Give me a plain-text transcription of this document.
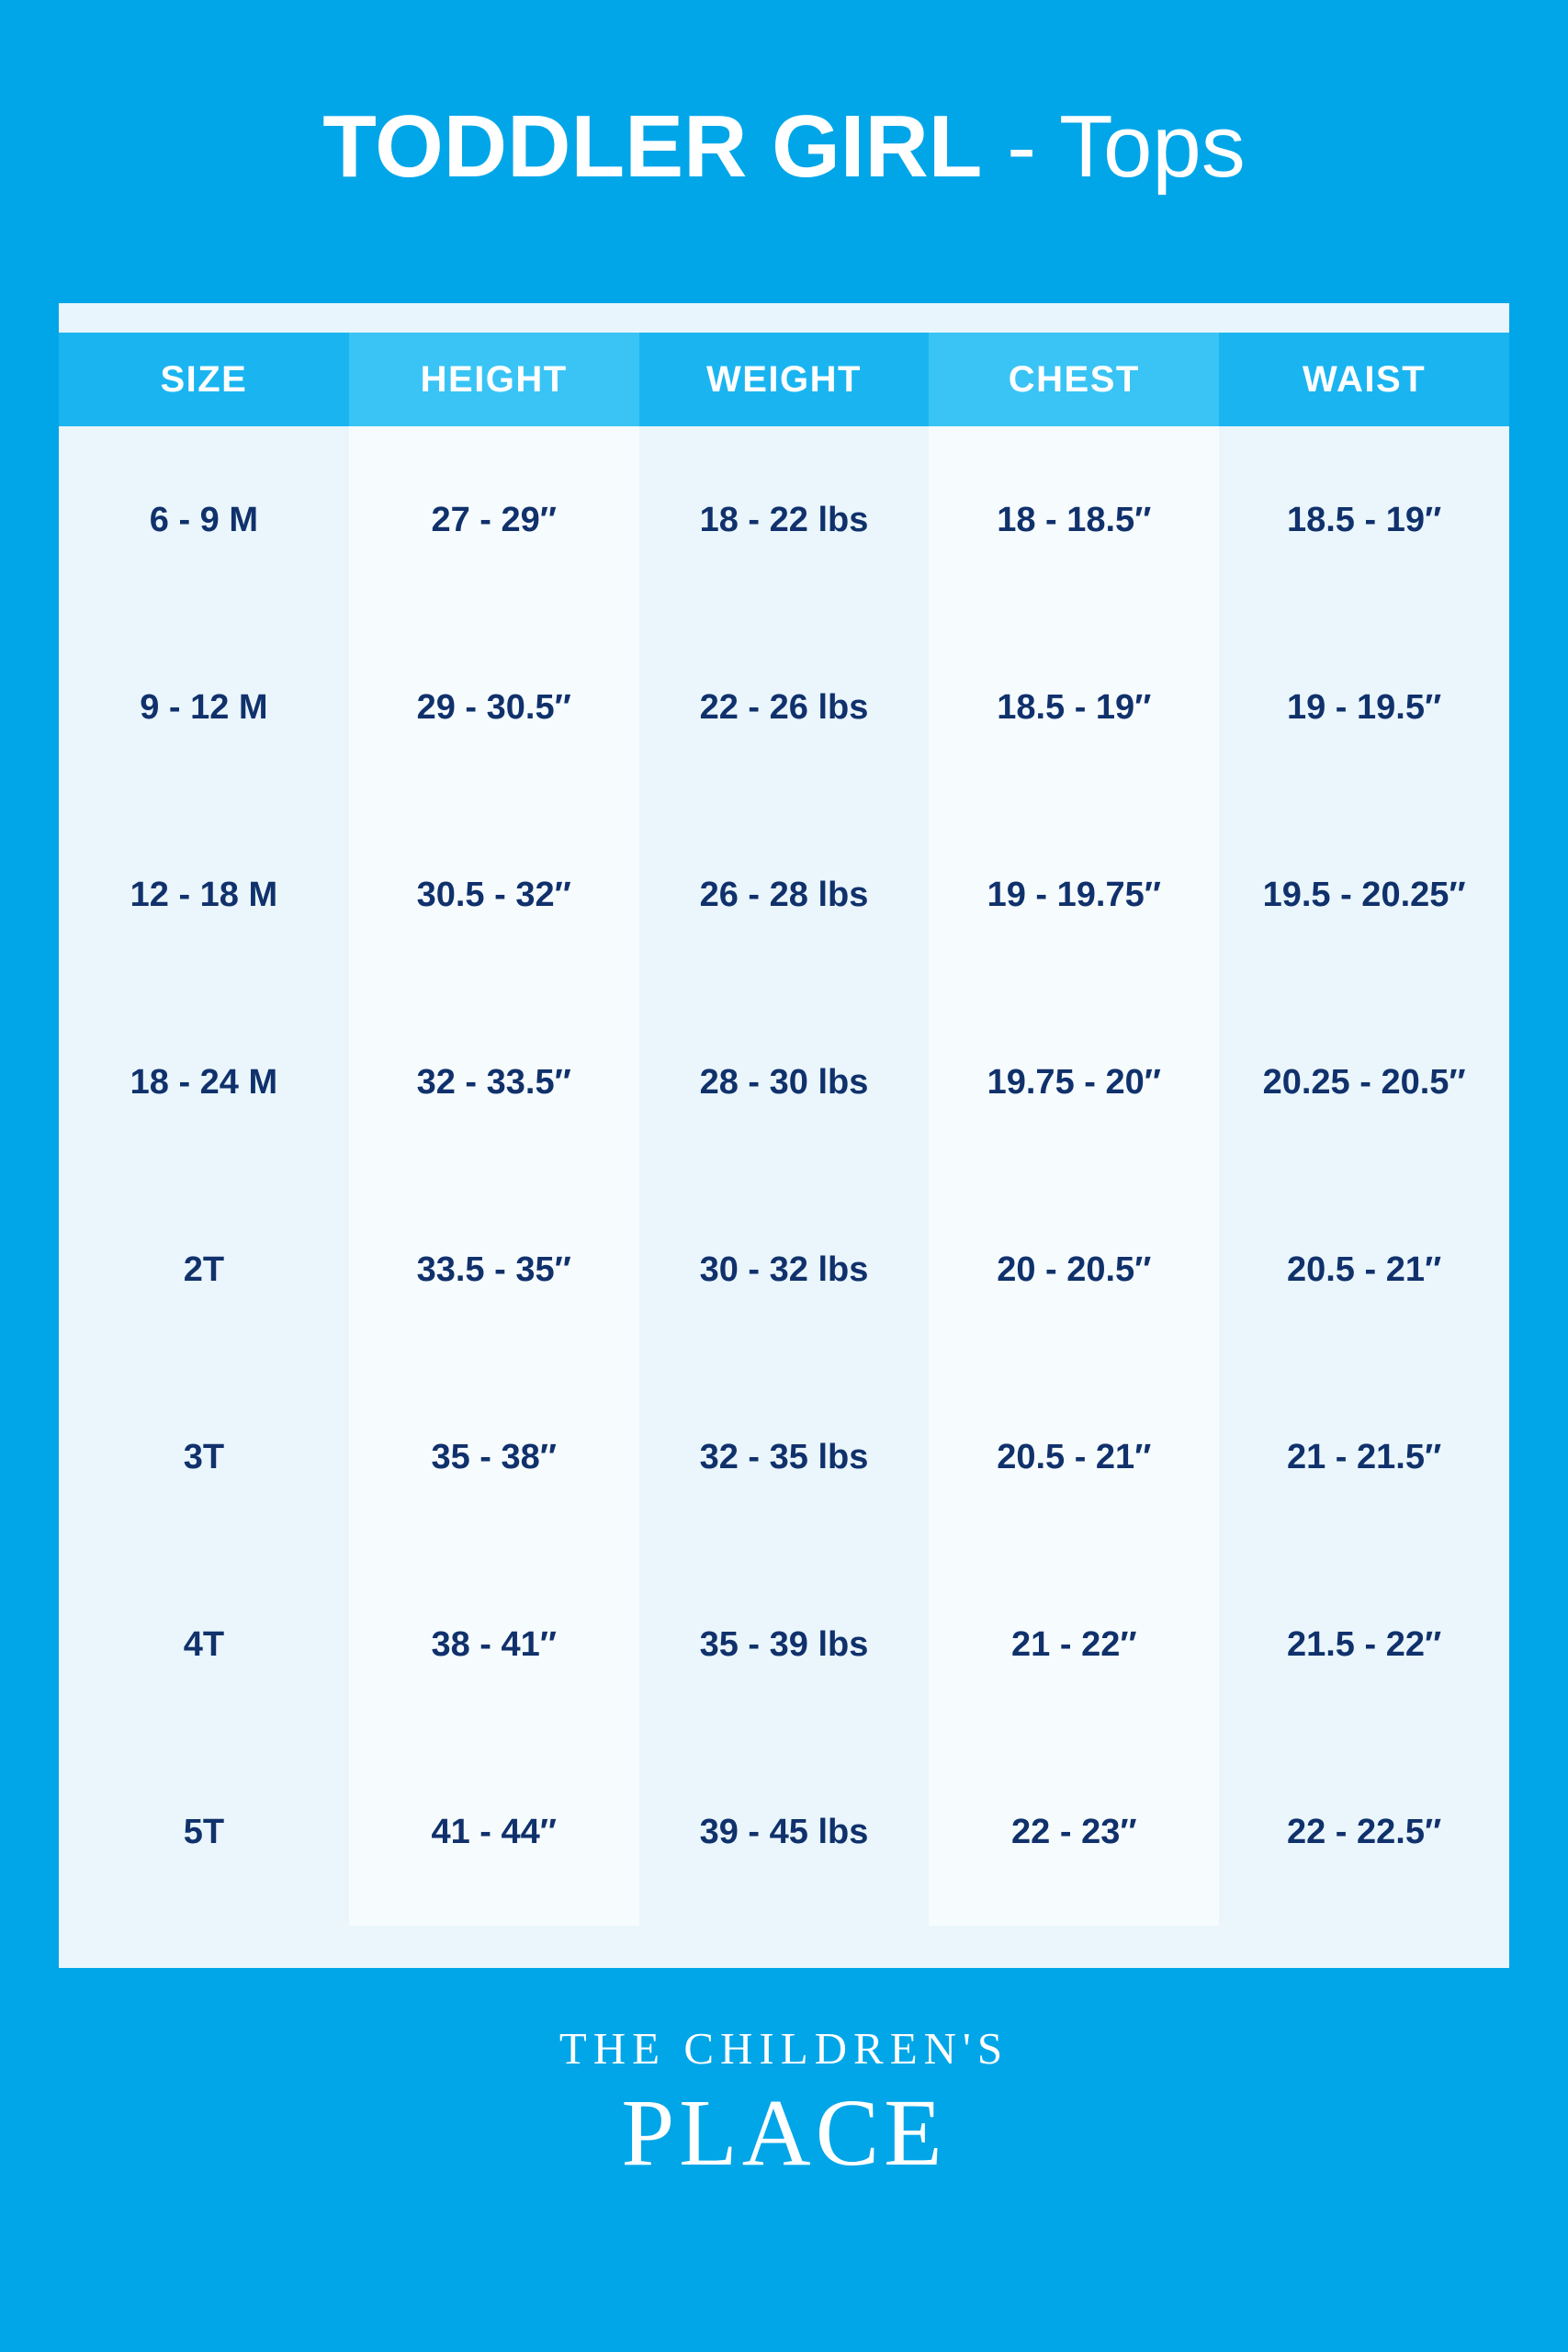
TODDLER GIRL - Tops
SIZE	HEIGHT	WEIGHT	CHEST	WAIST
6 - 9 M	27 - 29″	18 - 22 lbs	18 - 18.5″	18.5 - 19″
9 - 12 M	29 - 30.5″	22 - 26 lbs	18.5 - 19″	19 - 19.5″
12 - 18 M	30.5 - 32″	26 - 28 lbs	19 - 19.75″	19.5 - 20.25″
18 - 24 M	32 - 33.5″	28 - 30 lbs	19.75 - 20″	20.25 - 20.5″
2T	33.5 - 35″	30 - 32 lbs	20 - 20.5″	20.5 - 21″
3T	35 - 38″	32 - 35 lbs	20.5 - 21″	21 - 21.5″
4T	38 - 41″	35 - 39 lbs	21 - 22″	21.5 - 22″
5T	41 - 44″	39 - 45 lbs	22 - 23″	22 - 22.5″
THE CHILDREN'S
PLACE
